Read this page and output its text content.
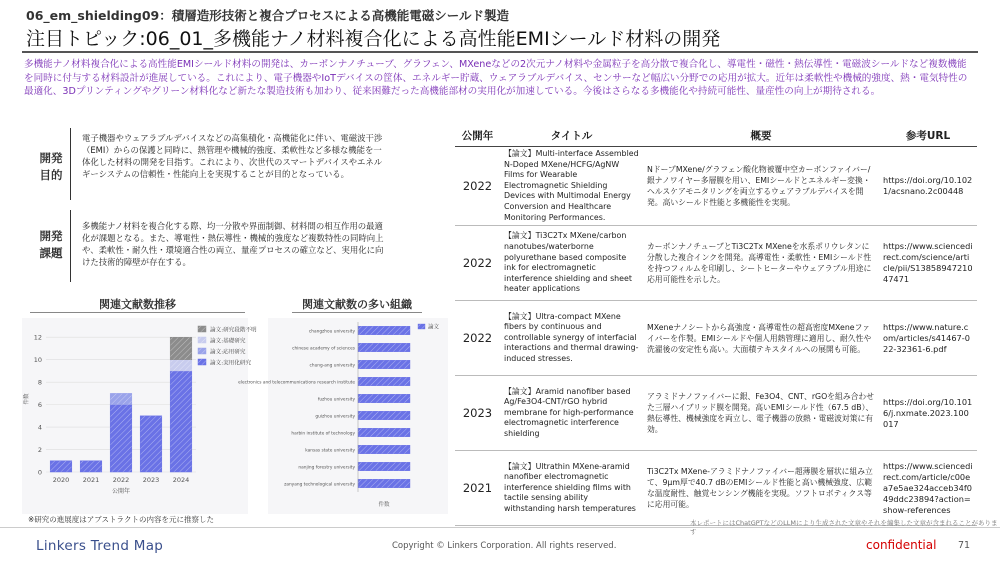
06_em_shielding09：積層造形技術と複合プロセスによる高機能電磁シールド製造
注目トピック:06_01_多機能ナノ材料複合化による高性能EMIシールド材料の開発
多機能ナノ材料複合化による高性能EMIシールド材料の開発は、カーボンナノチューブ、グラフェン、MXeneなどの2次元ナノ材料や金属粒子を高分散で複合化し、導電性・磁性・熱伝導性・電磁波シールドなど複数機能を同時に付与する材料設計が進展している。これにより、電子機器やIoTデバイスの筐体、エネルギー貯蔵、ウェアラブルデバイス、センサーなど幅広い分野での応用が拡大。近年は柔軟性や機械的強度、熱・電気特性の最適化、3Dプリンティングやグリーン材料化など新たな製造技術も加わり、従来困難だった高機能部材の実用化が加速している。今後はさらなる多機能化や持続可能性、量産性の向上が期待される。
開発
目的
電子機器やウェアラブルデバイスなどの高集積化・高機能化に伴い、電磁波干渉（EMI）からの保護と同時に、熱管理や機械的強度、柔軟性など多様な機能を一体化した材料の開発を目指す。これにより、次世代のスマートデバイスやエネルギーシステムの信頼性・性能向上を実現することが目的となっている。
開発
課題
多機能ナノ材料を複合化する際、均一分散や界面制御、材料間の相互作用の最適化が課題となる。また、導電性・熱伝導性・機械的強度など複数特性の同時向上や、柔軟性・耐久性・環境適合性の両立、量産プロセスの確立など、実用化に向けた技術的障壁が存在する。
関連文献数推移
0
2
4
6
8
10
12
件数
2020 2021 2022 2023 2024
公開年
論文:研究段階不明
論文:基礎研究
論文:応用研究
論文:実用化研究
関連文献数の多い組織
changzhou university
chinese academy of sciences
chung-ang university
electronics and telecommunications research institute
fuzhou university
guizhou university
harbin institute of technology
kansas state university
nanjing forestry university
zanyang technological university
件数
論文
公開年	タイトル	概要	参考URL
2022	【論文】Multi-interface Assembled N-Doped MXene/HCFG/AgNW Films for Wearable Electromagnetic Shielding Devices with Multimodal Energy Conversion and Healthcare Monitoring Performances.	NドープMXene/グラフェン酸化物被覆中空カーボンファイバー/銀ナノワイヤー多層膜を用い、EMIシールドとエネルギー変換・ヘルスケアモニタリングを両立するウェアラブルデバイスを開発。高いシールド性能と多機能性を実現。	https://doi.org/10.1021/acsnano.2c00448
2022	【論文】Ti3C2Tx MXene/carbon nanotubes/waterborne polyurethane based composite ink for electromagnetic interference shielding and sheet heater applications	カーボンナノチューブとTi3C2Tx MXeneを水系ポリウレタンに分散した複合インクを開発。高導電性・柔軟性・EMIシールド性を持つフィルムを印刷し、シートヒーターやウェアラブル用途に応用可能性を示した。	https://www.sciencedirect.com/science/article/pii/S1385894721047471
2022	【論文】Ultra-compact MXene fibers by continuous and controllable synergy of interfacial interactions and thermal drawing-induced stresses.	MXeneナノシートから高強度・高導電性の超高密度MXeneファイバーを作製。EMIシールドや個人用熱管理に適用し、耐久性や洗濯後の安定性も高い。大面積テキスタイルへの展開も可能。	https://www.nature.com/articles/s41467-022-32361-6.pdf
2023	【論文】Aramid nanofiber based Ag/Fe3O4-CNT/rGO hybrid membrane for high-performance electromagnetic interference shielding	アラミドナノファイバーに銀、Fe3O4、CNT、rGOを組み合わせた三層ハイブリッド膜を開発。高いEMIシールド性（67.5 dB）、熱伝導性、機械強度を両立し、電子機器の放熱・電磁波対策に有効。	https://doi.org/10.1016/j.nxmate.2023.100017
2021	【論文】Ultrathin MXene-aramid nanofiber electromagnetic interference shielding films with tactile sensing ability withstanding harsh temperatures	Ti3C2Tx MXene-アラミドナノファイバー超薄膜を層状に組み立て、9μm厚で40.7 dBのEMIシールド性能と高い機械強度、広範な温度耐性、触覚センシング機能を実現。ソフトロボティクス等に応用可能。	https://www.sciencedirect.com/article/c00ea7e5ae324acceb34f049ddc23894?action=show-references
※研究の進展度はアブストラクトの内容を元に推察した	本レポートにはChatGPTなどのLLMにより生成された文章やそれを編集した文章が含まれることがあります
Linkers Trend Map	Copyright © Linkers Corporation. All rights reserved.	confidential 71
